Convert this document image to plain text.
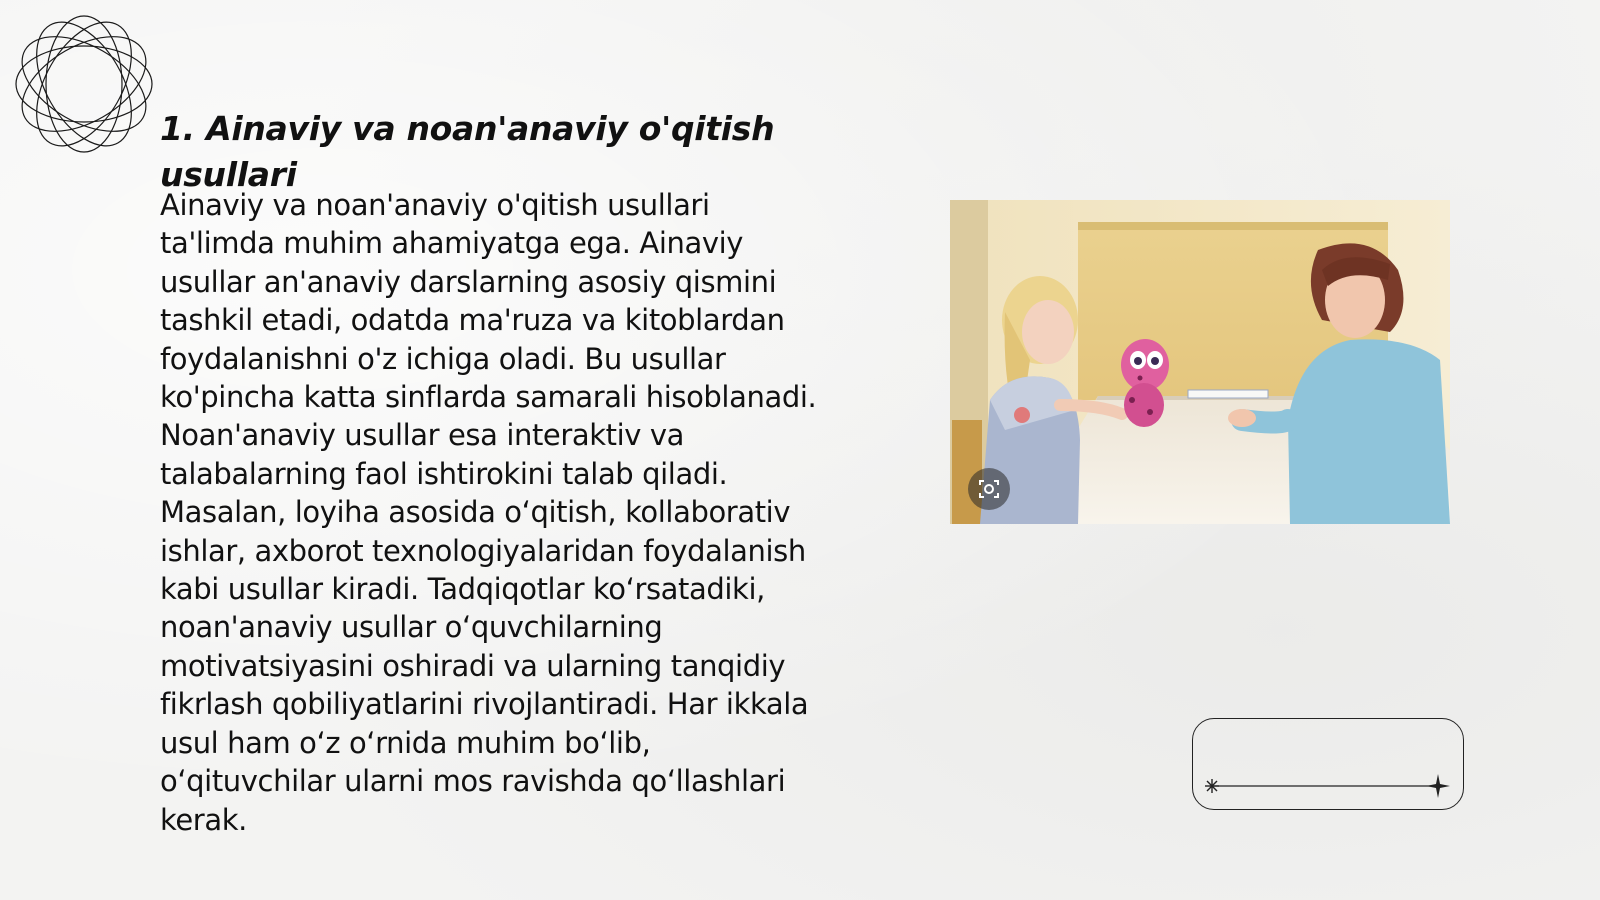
1. Ainaviy va noan'anaviy o'qitish usullari

Ainaviy va noan'anaviy o'qitish usullari ta'limda muhim ahamiyatga ega. Ainaviy usullar an'anaviy darslarning asosiy qismini tashkil etadi, odatda ma'ruza va kitoblardan foydalanishni o'z ichiga oladi. Bu usullar ko'pincha katta sinflarda samarali hisoblanadi. Noan'anaviy usullar esa interaktiv va talabalarning faol ishtirokini talab qiladi. Masalan, loyiha asosida oʻqitish, kollaborativ ishlar, axborot texnologiyalaridan foydalanish kabi usullar kiradi. Tadqiqotlar koʻrsatadiki, noan'anaviy usullar oʻquvchilarning motivatsiyasini oshiradi va ularning tanqidiy fikrlash qobiliyatlarini rivojlantiradi. Har ikkala usul ham oʻz oʻrnida muhim boʻlib, oʻqituvchilar ularni mos ravishda qoʻllashlari kerak.
